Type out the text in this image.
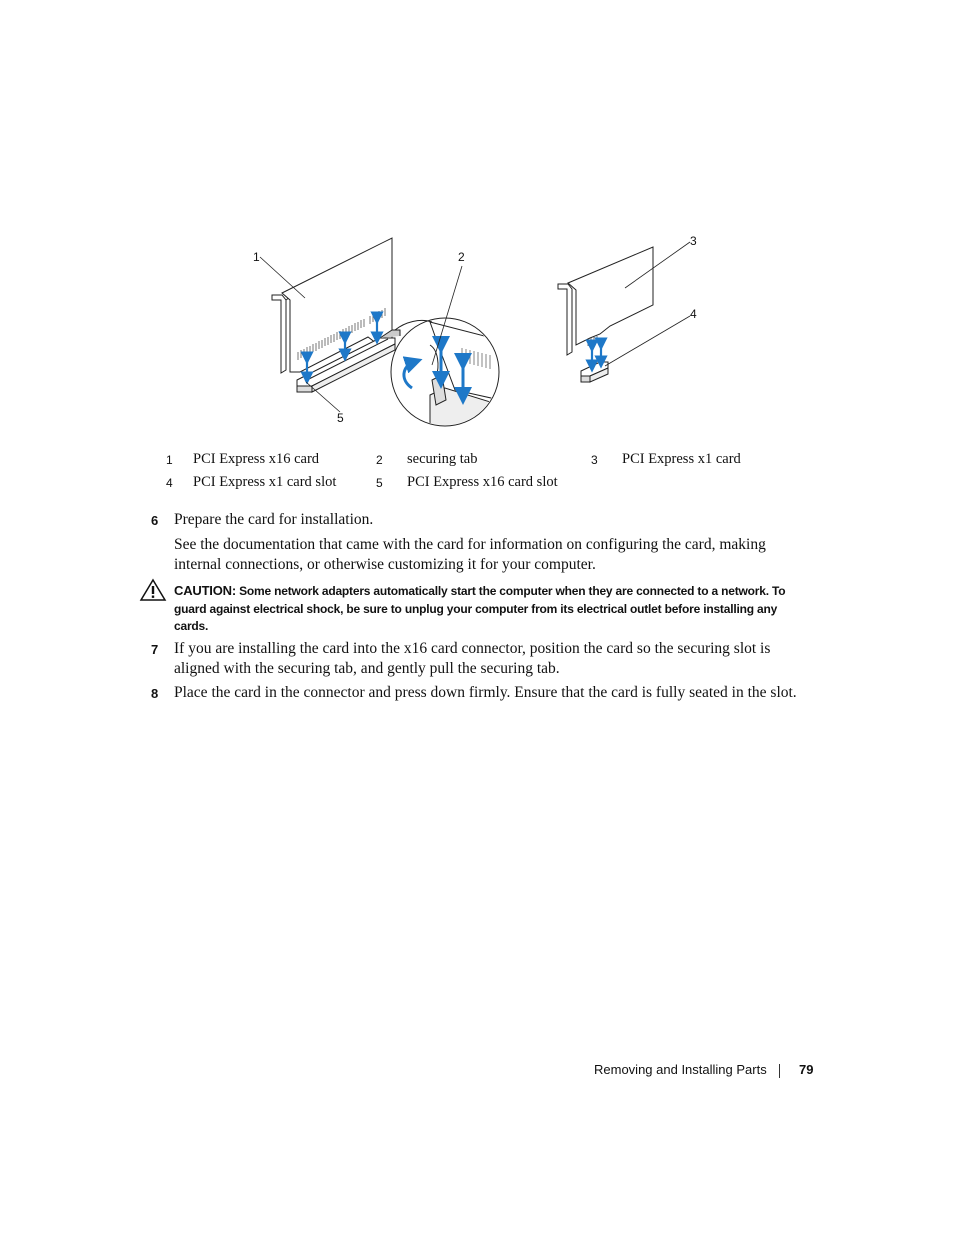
1	2
3
4
5
1 PCI Express x16 card	2 securing tab	3 PCI Express x1 card
4 PCI Express x1 card slot	5 PCI Express x16 card slot
6 Prepare the card for installation.
See the documentation that came with the card for information on configuring the card, making
internal connections, or otherwise customizing it for your computer.
CAUTION: Some network adapters automatically start the computer when they are connected to a network. To
guard against electrical shock, be sure to unplug your computer from its electrical outlet before installing any
cards.
7 If you are installing the card into the x16 card connector, position the card so the securing slot is
aligned with the securing tab, and gently pull the securing tab.
8 Place the card in the connector and press down firmly. Ensure that the card is fully seated in the slot.
Removing and Installing Parts 79
